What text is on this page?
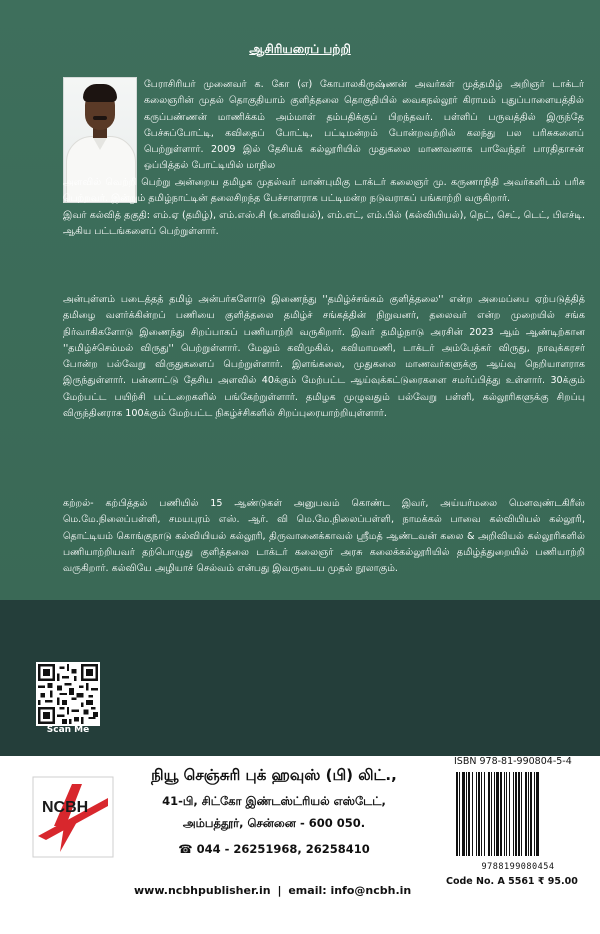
ஆசிரியரைப் பற்றி

பேராசிரியர் முனைவர் க. கோ (எ) கோபாலகிருஷ்ணன் அவர்கள் முத்தமிழ் அறிஞர் டாக்டர் கலைஞரின் முதல் தொகுதியாம் குளித்தலை தொகுதியில் வைகநல்லூர் கிராமம் புதுப்பாளையத்தில் கருப்பண்ணன் மாணிக்கம் அம்மாள் தம்பதிக்குப் பிறந்தவர். பள்ளிப் பருவத்தில் இருந்தே பேச்சுப்போட்டி, கவிதைப் போட்டி, பட்டிமன்றம் போன்றவற்றில் கலந்து பல பரிசுகளைப் பெற்றுள்ளார். 2009 இல் தேசியக் கல்லூரியில் முதுகலை மாணவனாக பாவேந்தர் பாரதிதாசன் ஒப்பித்தல் போட்டியில் மாநில

அளவில் வெற்றி பெற்று அன்றைய தமிழக முதல்வர் மாண்புமிகு டாக்டர் கலைஞர் மு. கருணாநிதி அவர்களிடம் பரிசு பெற்றவர். இன்றும் தமிழ்நாட்டின் தலைசிறந்த பேச்சாளராக பட்டிமன்ற நடுவராகப் பங்காற்றி வருகிறார்.

இவர் கல்வித் தகுதி: எம்.ஏ (தமிழ்), எம்.எஸ்.சி (உளவியல்), எம்.எட், எம்.பில் (கல்வியியல்), நெட், செட், டெட், பிஎச்டி. ஆகிய பட்டங்களைப் பெற்றுள்ளார்.

அன்புள்ளம் படைத்தத் தமிழ் அன்பர்களோடு இணைந்து ''தமிழ்ச்சங்கம் குளித்தலை'' என்ற அமைப்பை ஏற்படுத்தித் தமிழை வளர்க்கின்றப் பணியை குளித்தலை தமிழ்ச் சங்கத்தின் நிறுவனர், தலைவர் என்ற முறையில் சங்க நிர்வாகிகளோடு இணைந்து சிறப்பாகப் பணியாற்றி வருகிறார். இவர் தமிழ்நாடு அரசின் 2023 ஆம் ஆண்டிற்கான ''தமிழ்ச்செம்மல் விருது'' பெற்றுள்ளார். மேலும் கவிமுகில், கவிமாமணி, டாக்டர் அம்பேத்கர் விருது, நாவுக்கரசர் போன்ற பல்வேறு விருதுகளைப் பெற்றுள்ளார். இளங்கலை, முதுகலை மாணவர்களுக்கு ஆய்வு நெறியாளராக இருந்துள்ளார். பன்னாட்டு தேசிய அளவில் 40க்கும் மேற்பட்ட ஆய்வுக்கட்டுரைகளை சமர்ப்பித்து உள்ளார். 30க்கும் மேற்பட்ட பயிற்சி பட்டறைகளில் பங்கேற்றுள்ளார். தமிழக முழுவதும் பல்வேறு பள்ளி, கல்லூரிகளுக்கு சிறப்பு விருந்தினராக 100க்கும் மேற்பட்ட நிகழ்ச்சிகளில் சிறப்புரையாற்றியுள்ளார்.

கற்றல்- கற்பித்தல் பணியில் 15 ஆண்டுகள் அனுபவம் கொண்ட இவர், அய்யர்மலை மெளவுண்டகிரீஸ் மெ.மே.நிலைப்பள்ளி, சமயபுரம் எஸ். ஆர். வி மெ.மே.நிலைப்பள்ளி, நாமக்கல் பாவை கல்வியியல் கல்லூரி, தொட்டியம் கொங்குநாடு கல்வியியல் கல்லூரி, திருவானைக்காவல் ஸ்ரீமத் ஆண்டவன் கலை & அறிவியல் கல்லூரிகளில் பணியாற்றியவர் தற்பொழுது குளித்தலை டாக்டர் கலைஞர் அரசு கலைக்கல்லூரியில் தமிழ்த்துறையில் பணியாற்றி வருகிறார். கல்வியே அழியாச் செல்வம் என்பது இவருடைய முதல் நூலாகும்.

Scan Me
NCBH
நியூ செஞ்சுரி புக் ஹவுஸ் (பி) லிட்.,
41-பி, சிட்கோ இண்டஸ்ட்ரியல் எஸ்டேட்,
அம்பத்தூர், சென்னை - 600 050.
☎ 044 - 26251968, 26258410
www.ncbhpublisher.in | email: info@ncbh.in
ISBN 978-81-990804-5-4
9788199080454
Code No. A 5561 ₹ 95.00
